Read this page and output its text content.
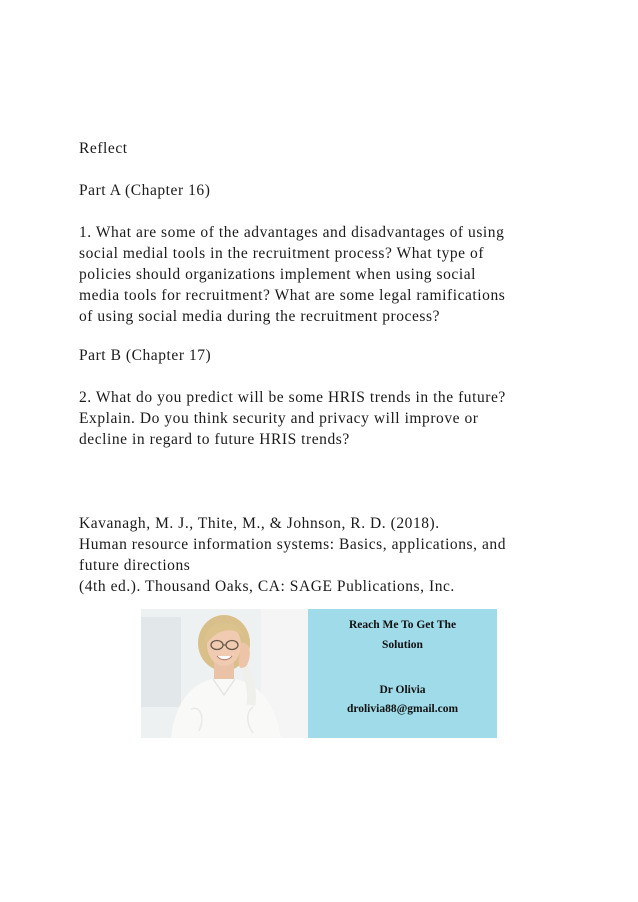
Reflect
Part A (Chapter 16)
1. What are some of the advantages and disadvantages of using
social medial tools in the recruitment process? What type of
policies should organizations implement when using social
media tools for recruitment? What are some legal ramifications
of using social media during the recruitment process?
Part B (Chapter 17)
2. What do you predict will be some HRIS trends in the future?
Explain. Do you think security and privacy will improve or
decline in regard to future HRIS trends?
Kavanagh, M. J., Thite, M., & Johnson, R. D. (2018).
Human resource information systems: Basics, applications, and
future directions
(4th ed.). Thousand Oaks, CA: SAGE Publications, Inc.
Reach Me To Get The
Solution
Dr Olivia
drolivia88@gmail.com
